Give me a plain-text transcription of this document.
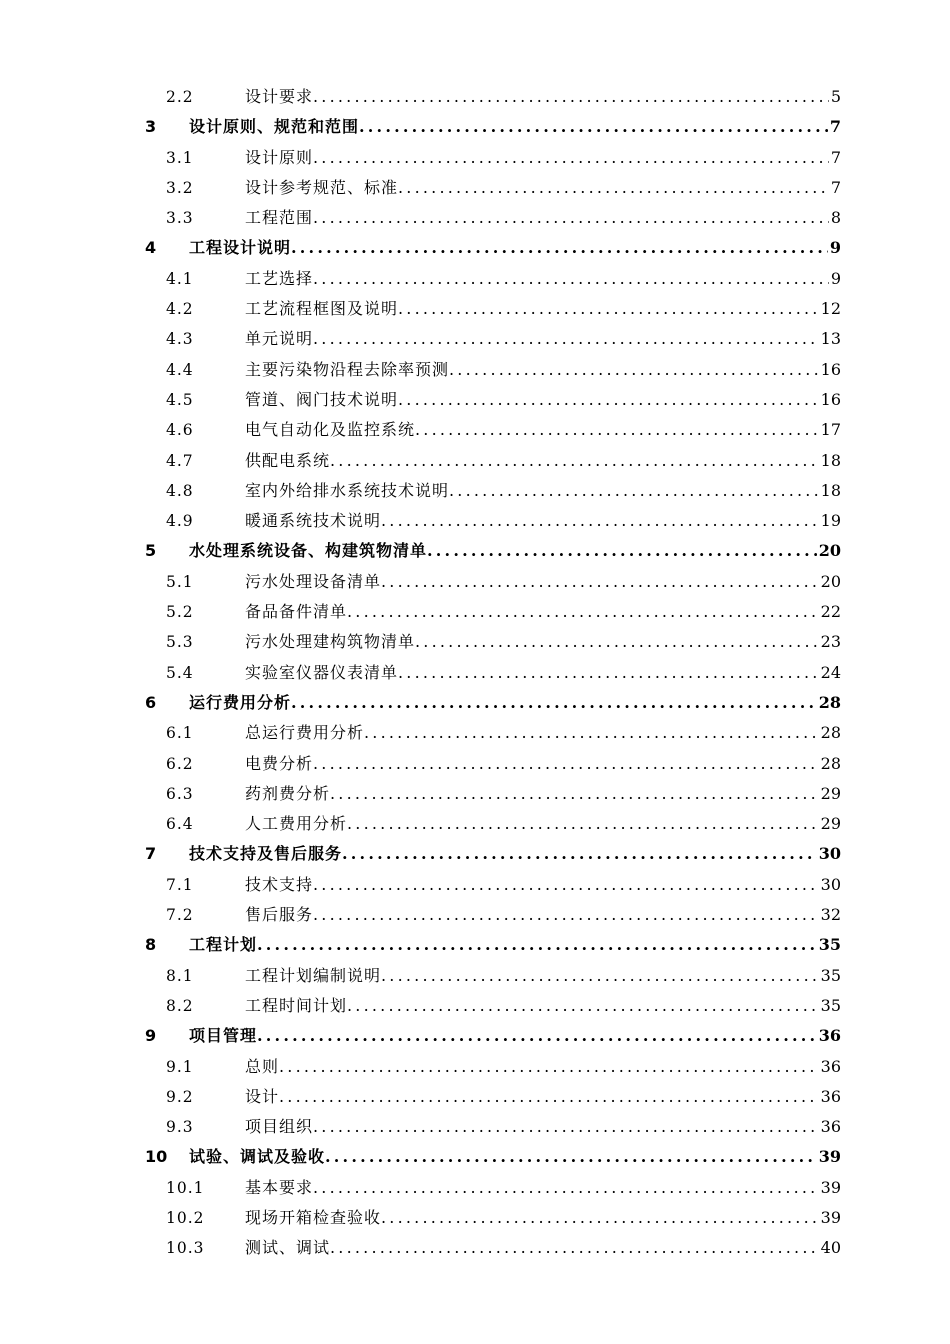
2.2	设计要求 .....	5
3 设计原则、规范和范围 .....	7
3.1	设计原则 .....	7
3.2	设计参考规范、标准 .....	7
3.3	工程范围 .....	8
4 工程设计说明 .....	9
4.1	工艺选择 .....	9
4.2	工艺流程框图及说明 .....	12
4.3	单元说明 .....	13
4.4	主要污染物沿程去除率预测 .....	16
4.5	管道、阀门技术说明 .....	16
4.6	电气自动化及监控系统 .....	17
4.7	供配电系统 .....	18
4.8	室内外给排水系统技术说明 .....	18
4.9	暖通系统技术说明 .....	19
5 水处理系统设备、构建筑物清单 .....	20
5.1	污水处理设备清单 .....	20
5.2	备品备件清单 .....	22
5.3	污水处理建构筑物清单 .....	23
5.4	实验室仪器仪表清单 .....	24
6 运行费用分析 .....	28
6.1	总运行费用分析 .....	28
6.2	电费分析 .....	28
6.3	药剂费分析 .....	29
6.4	人工费用分析 .....	29
7 技术支持及售后服务 .....	30
7.1	技术支持 .....	30
7.2	售后服务 .....	32
8 工程计划 .....	35
8.1	工程计划编制说明 .....	35
8.2	工程时间计划 .....	35
9 项目管理 .....	36
9.1	总则 .....	36
9.2	设计 .....	36
9.3	项目组织 .....	36
10 试验、调试及验收 .....	39
10.1	基本要求 .....	39
10.2	现场开箱检查验收 .....	39
10.3	测试、调试 .....	40
